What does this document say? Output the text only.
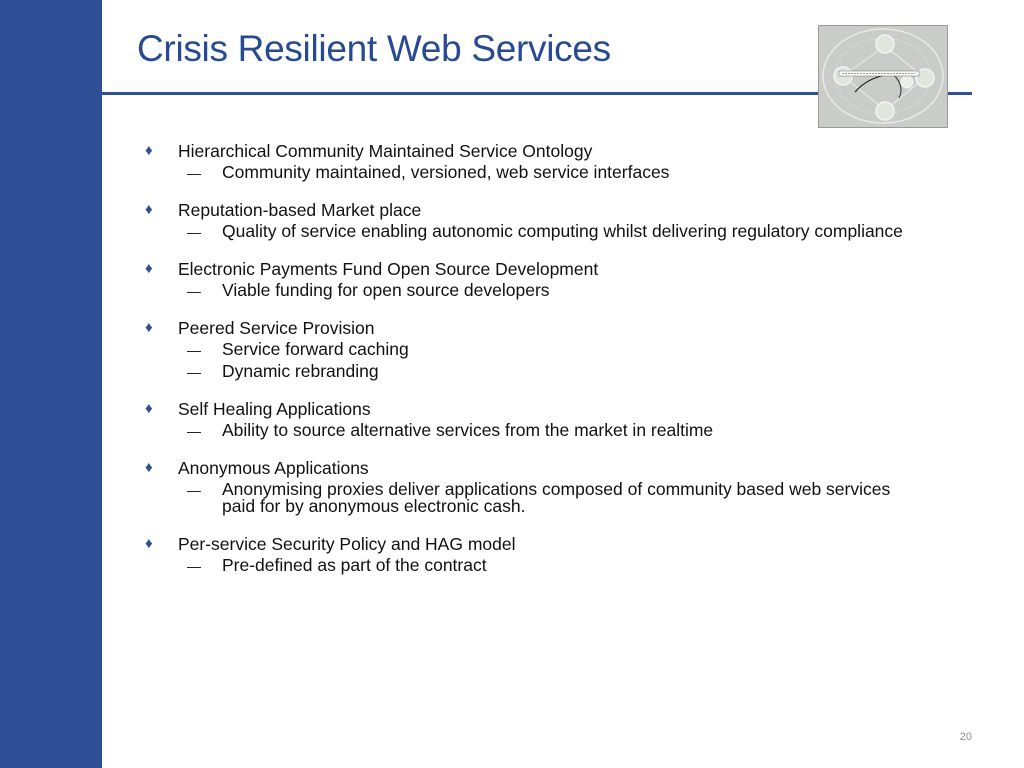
Crisis Resilient Web Services
♦	Hierarchical Community Maintained Service Ontology
—	Community maintained, versioned, web service interfaces
♦	Reputation-based Market place
—	Quality of service enabling autonomic computing whilst delivering regulatory compliance
♦	Electronic Payments Fund Open Source Development
—	Viable funding for open source developers
♦	Peered Service Provision
—	Service forward caching
—	Dynamic rebranding
♦	Self Healing Applications
—	Ability to source alternative services from the market in realtime
♦	Anonymous Applications
—	Anonymising proxies deliver applications composed of community based web services paid for by anonymous electronic cash.
♦	Per-service Security Policy and HAG model
—	Pre-defined as part of the contract
20
